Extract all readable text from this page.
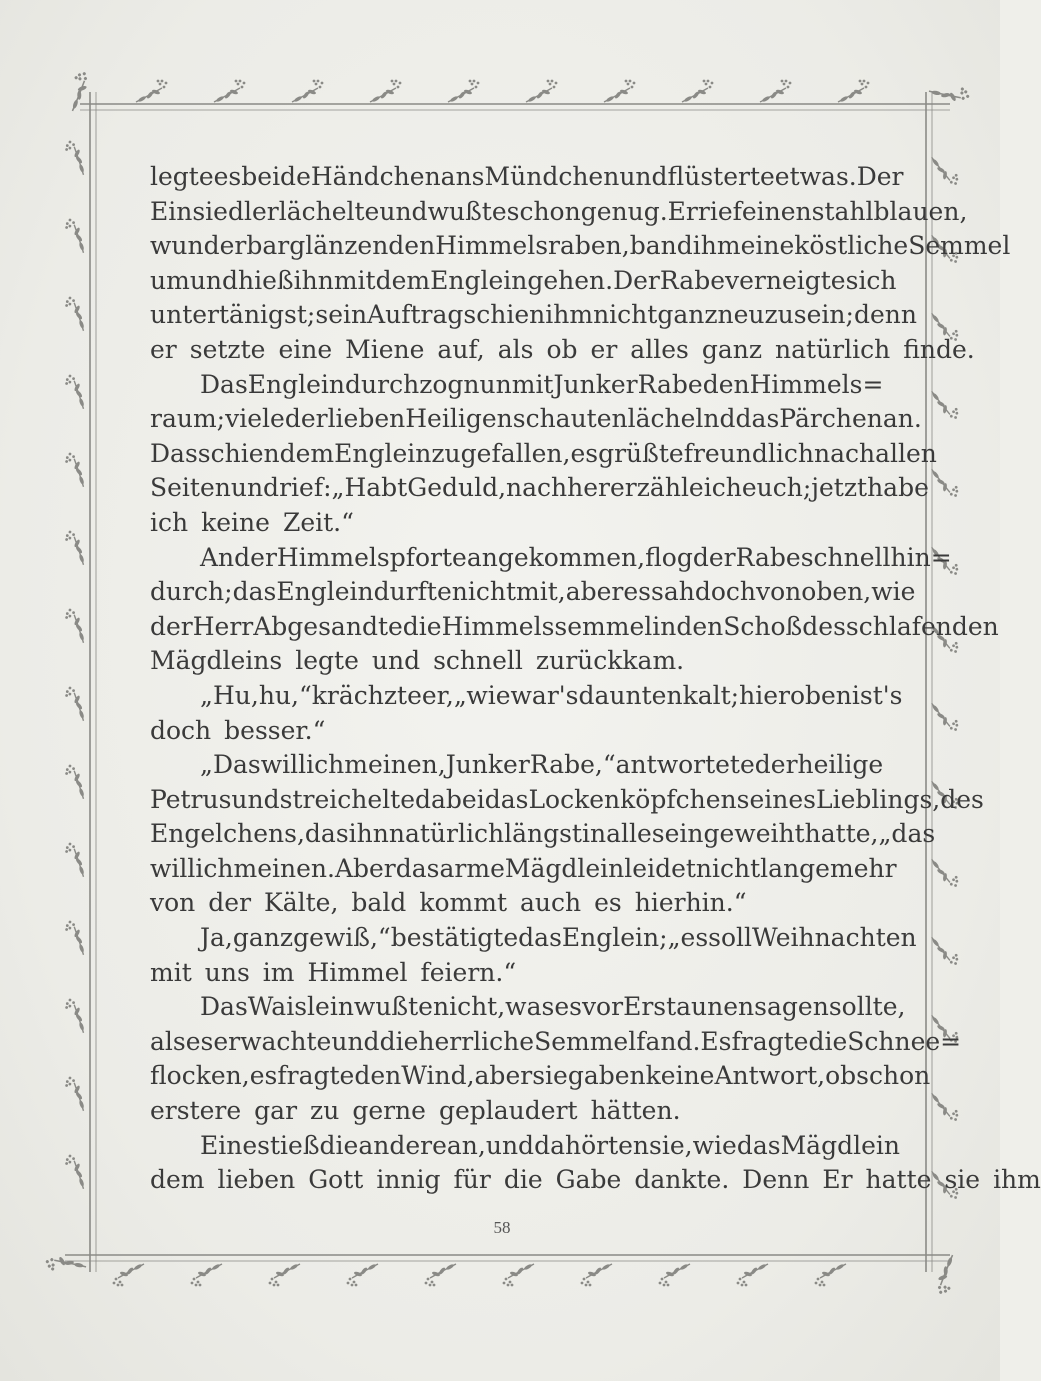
legte es beide Händchen ans Mündchen und flüsterte etwas. Der
Einsiedler lächelte und wußte schon genug. Er rief einen stahlblauen,
wunderbar glänzenden Himmelsraben, band ihm eine köstliche Semmel
um und hieß ihn mit dem Englein gehen. Der Rabe verneigte sich
untertänigst; sein Auftrag schien ihm nicht ganz neu zu sein; denn
er setzte eine Miene auf, als ob er alles ganz natürlich finde.
Das Englein durchzog nun mit Junker Rabe den Himmels=
raum; viele der lieben Heiligen schauten lächelnd das Pärchen an.
Das schien dem Englein zu gefallen, es grüßte freundlich nach allen
Seiten und rief: „Habt Geduld, nachher erzähle ich euch; jetzt habe
ich keine Zeit.“
An der Himmelspforte angekommen, flog der Rabe schnell hin=
durch; das Englein durfte nicht mit, aber es sah doch von oben, wie
der Herr Abgesandte die Himmelssemmel in den Schoß des schlafenden
Mägdleins legte und schnell zurückkam.
„Hu, hu,“ krächzte er, „wie war's da unten kalt; hier oben ist's
doch besser.“
„Das will ich meinen, Junker Rabe,“ antwortete der heilige
Petrus und streichelte dabei das Lockenköpfchen seines Lieblings, des
Engelchens, das ihn natürlich längst in alles eingeweiht hatte, „das
will ich meinen. Aber das arme Mägdlein leidet nicht lange mehr
von der Kälte, bald kommt auch es hierhin.“
Ja, ganz gewiß,“ bestätigte das Englein; „es soll Weihnachten
mit uns im Himmel feiern.“
Das Waislein wußte nicht, was es vor Erstaunen sagen sollte,
als es erwachte und die herrliche Semmel fand. Es fragte die Schnee=
flocken, es fragte den Wind, aber sie gaben keine Antwort, obschon
erstere gar zu gerne geplaudert hätten.
Eine stieß die andere an, und da hörten sie, wie das Mägdlein
dem lieben Gott innig für die Gabe dankte. Denn Er hatte sie ihm
58
